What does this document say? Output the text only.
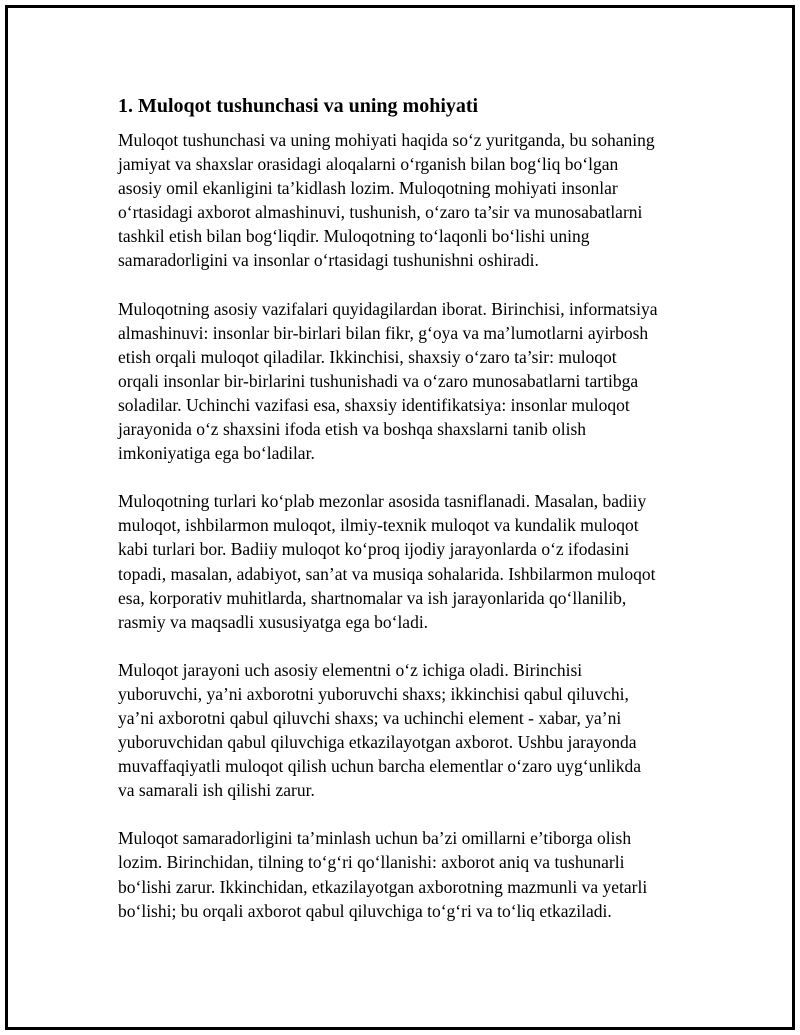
1. Muloqot tushunchasi va uning mohiyati

Muloqot tushunchasi va uning mohiyati haqida so‘z yuritganda, bu sohaning
jamiyat va shaxslar orasidagi aloqalarni o‘rganish bilan bog‘liq bo‘lgan
asosiy omil ekanligini ta’kidlash lozim. Muloqotning mohiyati insonlar
o‘rtasidagi axborot almashinuvi, tushunish, o‘zaro ta’sir va munosabatlarni
tashkil etish bilan bog‘liqdir. Muloqotning to‘laqonli bo‘lishi uning
samaradorligini va insonlar o‘rtasidagi tushunishni oshiradi.

Muloqotning asosiy vazifalari quyidagilardan iborat. Birinchisi, informatsiya
almashinuvi: insonlar bir-birlari bilan fikr, g‘oya va ma’lumotlarni ayirbosh
etish orqali muloqot qiladilar. Ikkinchisi, shaxsiy o‘zaro ta’sir: muloqot
orqali insonlar bir-birlarini tushunishadi va o‘zaro munosabatlarni tartibga
soladilar. Uchinchi vazifasi esa, shaxsiy identifikatsiya: insonlar muloqot
jarayonida o‘z shaxsini ifoda etish va boshqa shaxslarni tanib olish
imkoniyatiga ega bo‘ladilar.

Muloqotning turlari ko‘plab mezonlar asosida tasniflanadi. Masalan, badiiy
muloqot, ishbilarmon muloqot, ilmiy-texnik muloqot va kundalik muloqot
kabi turlari bor. Badiiy muloqot ko‘proq ijodiy jarayonlarda o‘z ifodasini
topadi, masalan, adabiyot, san’at va musiqa sohalarida. Ishbilarmon muloqot
esa, korporativ muhitlarda, shartnomalar va ish jarayonlarida qo‘llanilib,
rasmiy va maqsadli xususiyatga ega bo‘ladi.

Muloqot jarayoni uch asosiy elementni o‘z ichiga oladi. Birinchisi
yuboruvchi, ya’ni axborotni yuboruvchi shaxs; ikkinchisi qabul qiluvchi,
ya’ni axborotni qabul qiluvchi shaxs; va uchinchi element - xabar, ya’ni
yuboruvchidan qabul qiluvchiga etkazilayotgan axborot. Ushbu jarayonda
muvaffaqiyatli muloqot qilish uchun barcha elementlar o‘zaro uyg‘unlikda
va samarali ish qilishi zarur.

Muloqot samaradorligini ta’minlash uchun ba’zi omillarni e’tiborga olish
lozim. Birinchidan, tilning to‘g‘ri qo‘llanishi: axborot aniq va tushunarli
bo‘lishi zarur. Ikkinchidan, etkazilayotgan axborotning mazmunli va yetarli
bo‘lishi; bu orqali axborot qabul qiluvchiga to‘g‘ri va to‘liq etkaziladi.
